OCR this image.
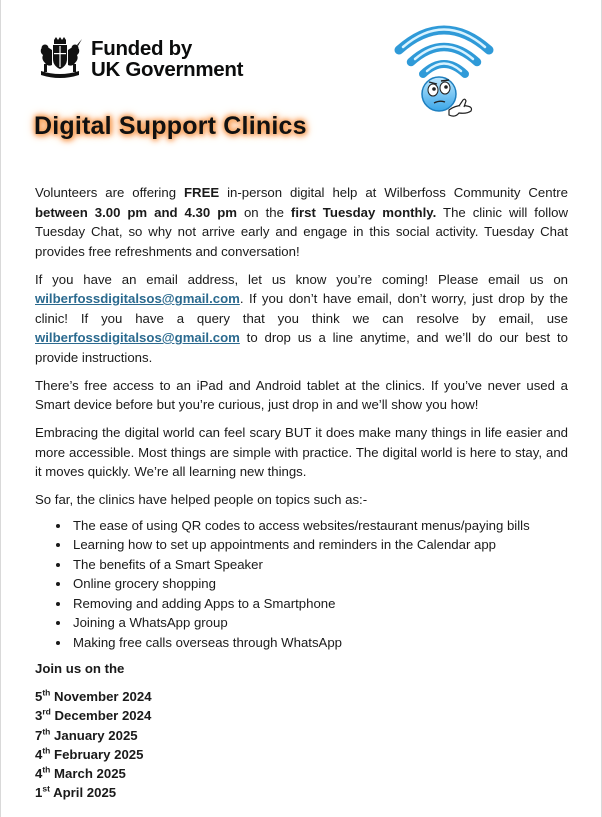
Funded by
UK Government
Digital Support Clinics

Volunteers are offering FREE in-person digital help at Wilberfoss Community Centre between 3.00 pm and 4.30 pm on the first Tuesday monthly. The clinic will follow Tuesday Chat, so why not arrive early and engage in this social activity. Tuesday Chat provides free refreshments and conversation!

If you have an email address, let us know you’re coming! Please email us on wilberfossdigitalsos@gmail.com. If you don’t have email, don’t worry, just drop by the clinic! If you have a query that you think we can resolve by email, use wilberfossdigitalsos@gmail.com to drop us a line anytime, and we’ll do our best to provide instructions.

There’s free access to an iPad and Android tablet at the clinics. If you’ve never used a Smart device before but you’re curious, just drop in and we’ll show you how!

Embracing the digital world can feel scary BUT it does make many things in life easier and more accessible. Most things are simple with practice. The digital world is here to stay, and it moves quickly. We’re all learning new things.

So far, the clinics have helped people on topics such as:-

• The ease of using QR codes to access websites/restaurant menus/paying bills
• Learning how to set up appointments and reminders in the Calendar app
• The benefits of a Smart Speaker
• Online grocery shopping
• Removing and adding Apps to a Smartphone
• Joining a WhatsApp group
• Making free calls overseas through WhatsApp

Join us on the

5th November 2024
3rd December 2024
7th January 2025
4th February 2025
4th March 2025
1st April 2025
